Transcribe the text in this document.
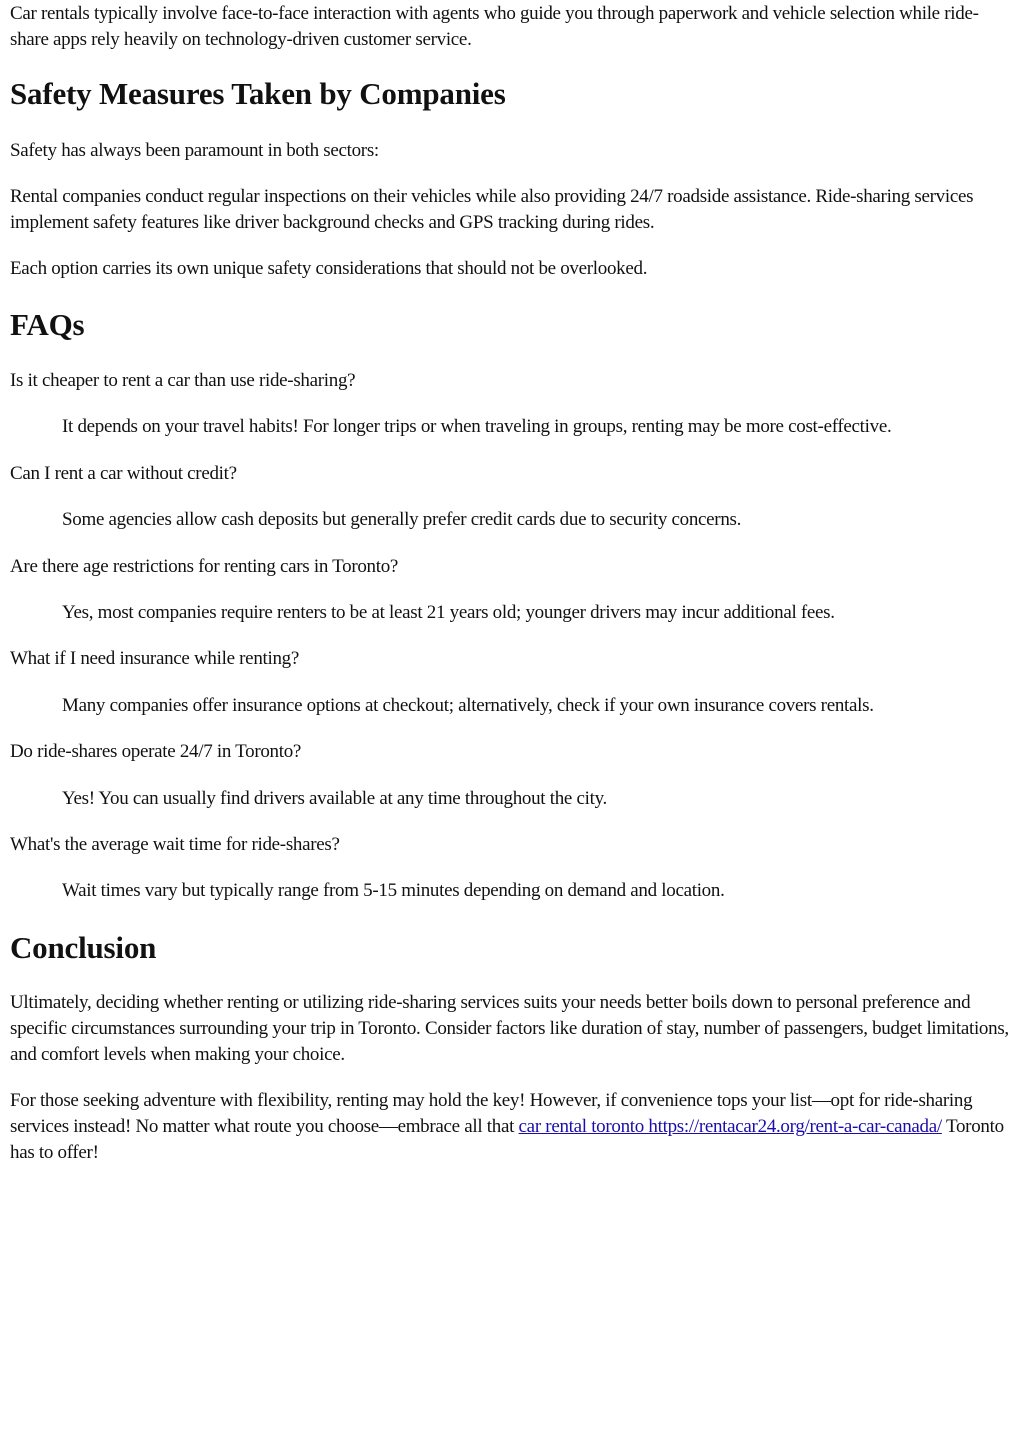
Car rentals typically involve face-to-face interaction with agents who guide you through paperwork and vehicle selection while ride-share apps rely heavily on technology-driven customer service.

Safety Measures Taken by Companies

Safety has always been paramount in both sectors:

Rental companies conduct regular inspections on their vehicles while also providing 24/7 roadside assistance. Ride-sharing services implement safety features like driver background checks and GPS tracking during rides.

Each option carries its own unique safety considerations that should not be overlooked.

FAQs

Is it cheaper to rent a car than use ride-sharing?

It depends on your travel habits! For longer trips or when traveling in groups, renting may be more cost-effective.

Can I rent a car without credit?

Some agencies allow cash deposits but generally prefer credit cards due to security concerns.

Are there age restrictions for renting cars in Toronto?

Yes, most companies require renters to be at least 21 years old; younger drivers may incur additional fees.

What if I need insurance while renting?

Many companies offer insurance options at checkout; alternatively, check if your own insurance covers rentals.

Do ride-shares operate 24/7 in Toronto?

Yes! You can usually find drivers available at any time throughout the city.

What's the average wait time for ride-shares?

Wait times vary but typically range from 5-15 minutes depending on demand and location.

Conclusion

Ultimately, deciding whether renting or utilizing ride-sharing services suits your needs better boils down to personal preference and specific circumstances surrounding your trip in Toronto. Consider factors like duration of stay, number of passengers, budget limitations, and comfort levels when making your choice.

For those seeking adventure with flexibility, renting may hold the key! However, if convenience tops your list—opt for ride-sharing services instead! No matter what route you choose—embrace all that car rental toronto https://rentacar24.org/rent-a-car-canada/ Toronto has to offer!
